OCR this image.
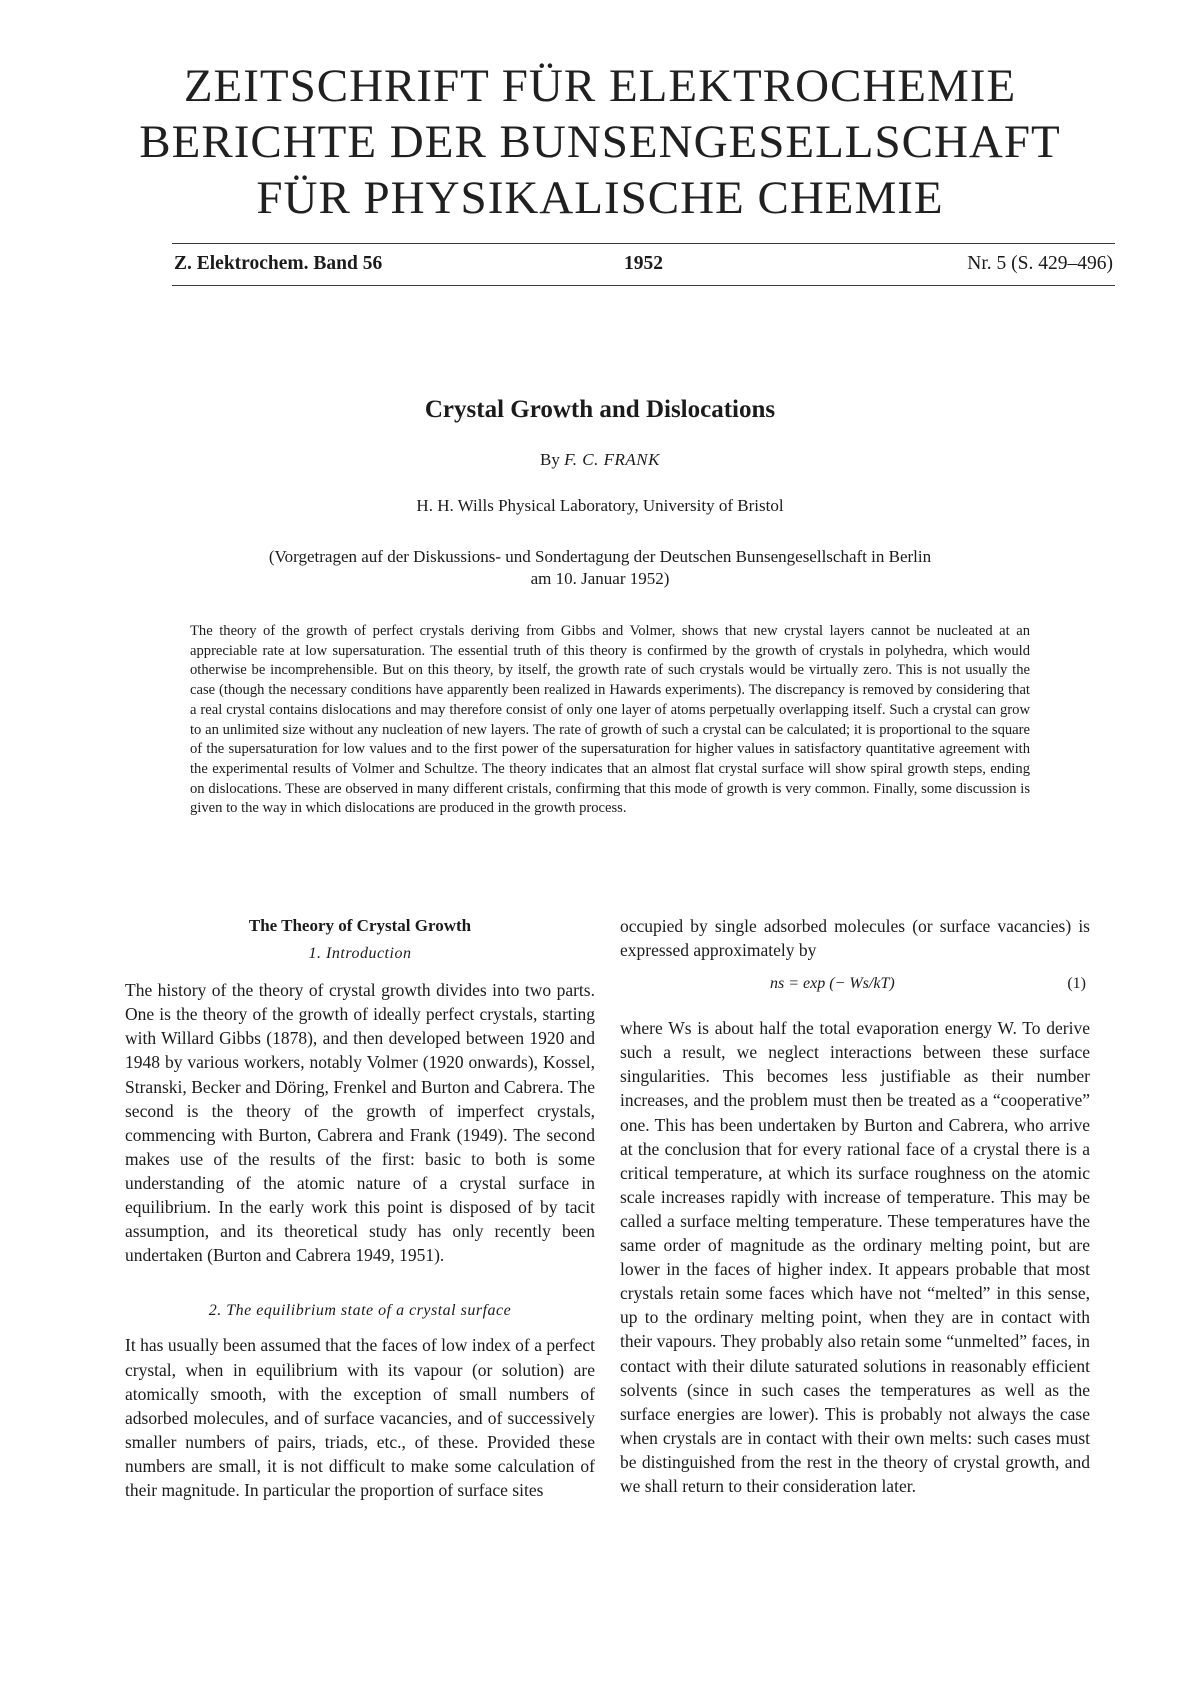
ZEITSCHRIFT FÜR ELEKTROCHEMIE
BERICHTE DER BUNSENGESELLSCHAFT
FÜR PHYSIKALISCHE CHEMIE
Z. Elektrochem. Band 56	1952	Nr. 5 (S. 429–496)
Crystal Growth and Dislocations
By F. C. FRANK
H. H. Wills Physical Laboratory, University of Bristol
(Vorgetragen auf der Diskussions- und Sondertagung der Deutschen Bunsengesellschaft in Berlin
am 10. Januar 1952)

The theory of the growth of perfect crystals deriving from Gibbs and Volmer, shows that new crystal layers cannot be nucleated at an appreciable rate at low supersaturation. The essential truth of this theory is confirmed by the growth of crystals in polyhedra, which would otherwise be incomprehensible. But on this theory, by itself, the growth rate of such crystals would be virtually zero. This is not usually the case (though the necessary conditions have apparently been realized in Hawards experiments). The discrepancy is removed by considering that a real crystal contains dislocations and may therefore consist of only one layer of atoms perpetually overlapping itself. Such a crystal can grow to an unlimited size without any nucleation of new layers. The rate of growth of such a crystal can be calculated; it is proportional to the square of the supersaturation for low values and to the first power of the supersaturation for higher values in satisfactory quantitative agreement with the experimental results of Volmer and Schultze. The theory indicates that an almost flat crystal surface will show spiral growth steps, ending on dislocations. These are observed in many different cristals, confirming that this mode of growth is very common. Finally, some discussion is given to the way in which dislocations are produced in the growth process.

The Theory of Crystal Growth
1. Introduction

The history of the theory of crystal growth divides into two parts. One is the theory of the growth of ideally perfect crystals, starting with Willard Gibbs (1878), and then developed between 1920 and 1948 by various workers, notably Volmer (1920 onwards), Kossel, Stranski, Becker and Döring, Frenkel and Burton and Cabrera. The second is the theory of the growth of imperfect crystals, commencing with Burton, Cabrera and Frank (1949). The second makes use of the results of the first: basic to both is some understanding of the atomic nature of a crystal surface in equilibrium. In the early work this point is disposed of by tacit assumption, and its theoretical study has only recently been undertaken (Burton and Cabrera 1949, 1951).

2. The equilibrium state of a crystal surface

It has usually been assumed that the faces of low index of a perfect crystal, when in equilibrium with its vapour (or solution) are atomically smooth, with the exception of small numbers of adsorbed molecules, and of surface vacancies, and of successively smaller numbers of pairs, triads, etc., of these. Provided these numbers are small, it is not difficult to make some calculation of their magnitude. In particular the proportion of surface sites

occupied by single adsorbed molecules (or surface vacancies) is expressed approximately by

ns = exp (− Ws/kT)	(1)

where Ws is about half the total evaporation energy W. To derive such a result, we neglect interactions between these surface singularities. This becomes less justifiable as their number increases, and the problem must then be treated as a “cooperative” one. This has been undertaken by Burton and Cabrera, who arrive at the conclusion that for every rational face of a crystal there is a critical temperature, at which its surface roughness on the atomic scale increases rapidly with increase of temperature. This may be called a surface melting temperature. These temperatures have the same order of magnitude as the ordinary melting point, but are lower in the faces of higher index. It appears probable that most crystals retain some faces which have not “melted” in this sense, up to the ordinary melting point, when they are in contact with their vapours. They probably also retain some “unmelted” faces, in contact with their dilute saturated solutions in reasonably efficient solvents (since in such cases the temperatures as well as the surface energies are lower). This is probably not always the case when crystals are in contact with their own melts: such cases must be distinguished from the rest in the theory of crystal growth, and we shall return to their consideration later.
